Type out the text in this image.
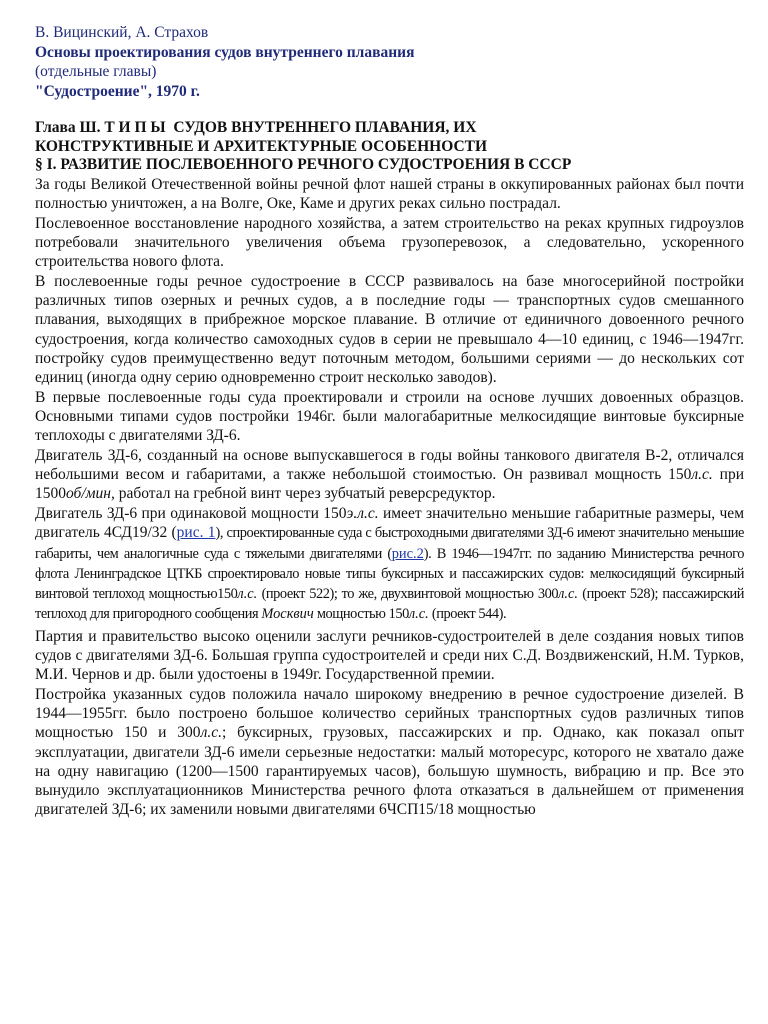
В. Вицинский, А. Страхов

Основы проектирования судов внутреннего плавания

(отдельные главы)

"Судостроение", 1970 г.

Глава Ш. Т И П Ы  СУДОВ ВНУТРЕННЕГО ПЛАВАНИЯ, ИХ

КОНСТРУКТИВНЫЕ И АРХИТЕКТУРНЫЕ ОСОБЕННОСТИ

§ I. РАЗВИТИЕ ПОСЛЕВОЕННОГО РЕЧНОГО СУДОСТРОЕНИЯ В СССР

За годы Великой Отечественной войны речной флот нашей страны в оккупированных районах был почти полностью уничтожен, а на Волге, Оке, Каме и других реках сильно пострадал.

Послевоенное восстановление народного хозяйства, а затем строительство на реках крупных гидроузлов потребовали значительного увеличения объема грузоперевозок, а следовательно, ускоренного строительства нового флота.

В послевоенные годы речное судостроение в СССР развивалось на базе многосерийной постройки различных типов озерных и речных судов, а в последние годы — транспортных судов смешанного плавания, выходящих в прибрежное морское плавание. В отличие от единичного довоенного речного судостроения, когда количество самоходных судов в серии не превышало 4—10 единиц, с 1946—1947гг. постройку судов преимущественно ведут поточным методом, большими сериями — до нескольких сот единиц (иногда одну серию одновременно строит несколько заводов).

В первые послевоенные годы суда проектировали и строили на основе лучших довоенных образцов. Основными типами судов постройки 1946г. были малогабаритные мелкосидящие винтовые буксирные теплоходы с двигателями ЗД-6.

Двигатель ЗД-6, созданный на основе выпускавшегося в годы войны танкового двигателя В-2, отличался небольшими весом и габаритами, а также небольшой стоимостью. Он развивал мощность 150л.с. при 1500об/мин, работал на гребной винт через зубчатый реверсредуктор.

Двигатель ЗД-6 при одинаковой мощности 150э.л.с. имеет значительно меньшие габаритные размеры, чем двигатель 4СД19/32 (рис. 1), спроектированные суда с быстроходными двигателями ЗД-6 имеют значительно меньшие габариты, чем аналогичные суда с тяжелыми двигателями (рис.2). В 1946—1947гг. по заданию Министерства речного флота Ленинградское ЦТКБ спроектировало новые типы буксирных и пассажирских судов: мелкосидящий буксирный винтовой теплоход мощностью150л.с. (проект 522); то же, двухвинтовой мощностью 300л.с. (проект 528); пассажирский теплоход для пригородного сообщения Москвич мощностью 150л.с. (проект 544).

Партия и правительство высоко оценили заслуги речников-судостроителей в деле создания новых типов судов с двигателями ЗД-6. Большая группа судостроителей и среди них С.Д. Воздвиженский, Н.М. Турков, М.И. Чернов и др. были удостоены в 1949г. Государственной премии.

Постройка указанных судов положила начало широкому внедрению в речное судостроение дизелей. В 1944—1955гг. было построено большое количество серийных транспортных судов различных типов мощностью 150 и 300л.с.; буксирных, грузовых, пассажирских и пр. Однако, как показал опыт эксплуатации, двигатели ЗД-6 имели серьезные недостатки: малый моторесурс, которого не хватало даже на одну навигацию (1200—1500 гарантируемых часов), большую шумность, вибрацию и пр. Все это вынудило эксплуатационников Министерства речного флота отказаться в дальнейшем от применения двигателей ЗД-6; их заменили новыми двигателями 6ЧСП15/18 мощностью
